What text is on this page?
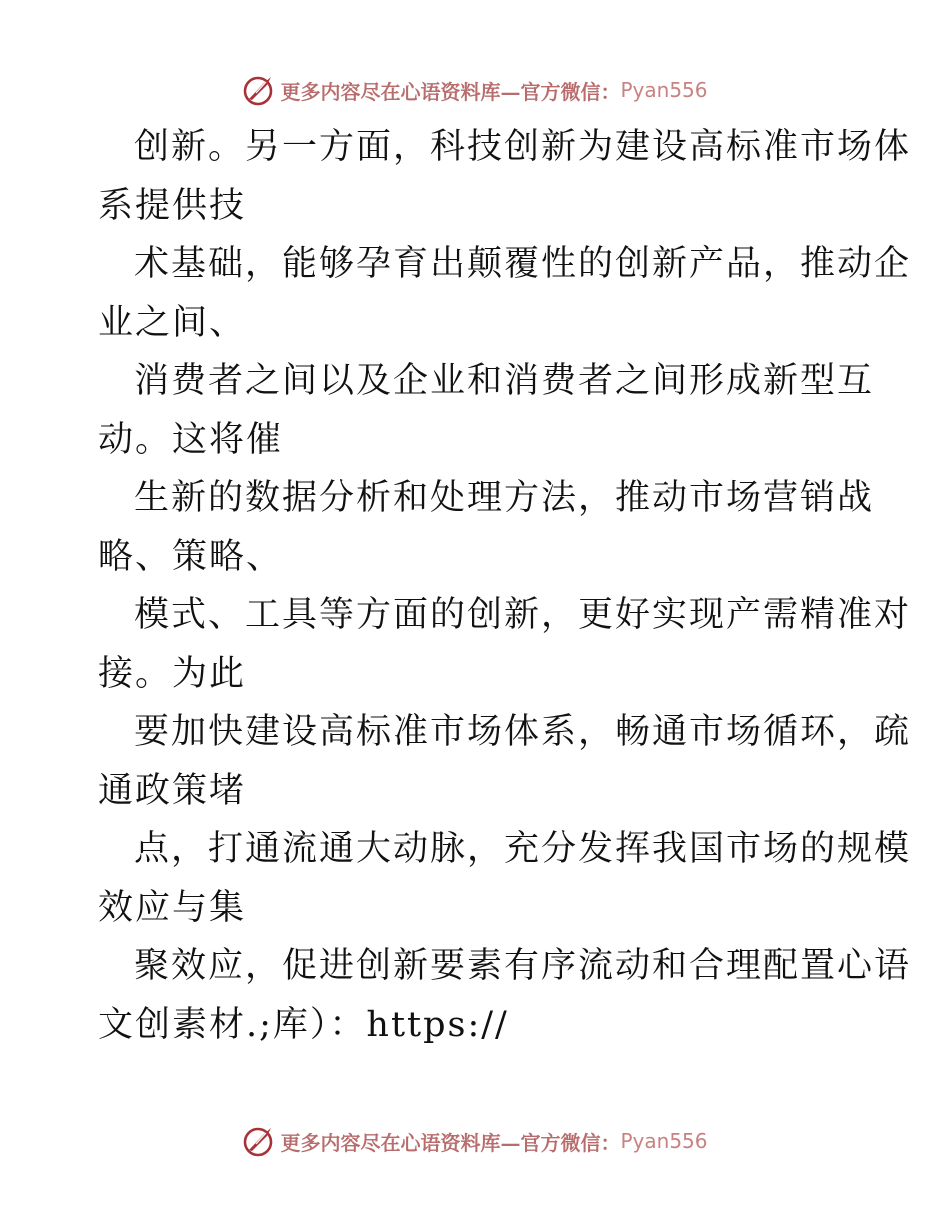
更多内容尽在心语资料库—官方微信： Pyan556
创新。另一方面，科技创新为建设高标准市场体
系提供技
术基础，能够孕育出颠覆性的创新产品，推动企
业之间、
消费者之间以及企业和消费者之间形成新型互
动。这将催
生新的数据分析和处理方法，推动市场营销战
略、策略、
模式、工具等方面的创新，更好实现产需精准对
接。为此
要加快建设高标准市场体系，畅通市场循环，疏
通政策堵
点，打通流通大动脉，充分发挥我国市场的规模
效应与集
聚效应，促进创新要素有序流动和合理配置心语
文创素材.;库）：https://
更多内容尽在心语资料库—官方微信： Pyan556
